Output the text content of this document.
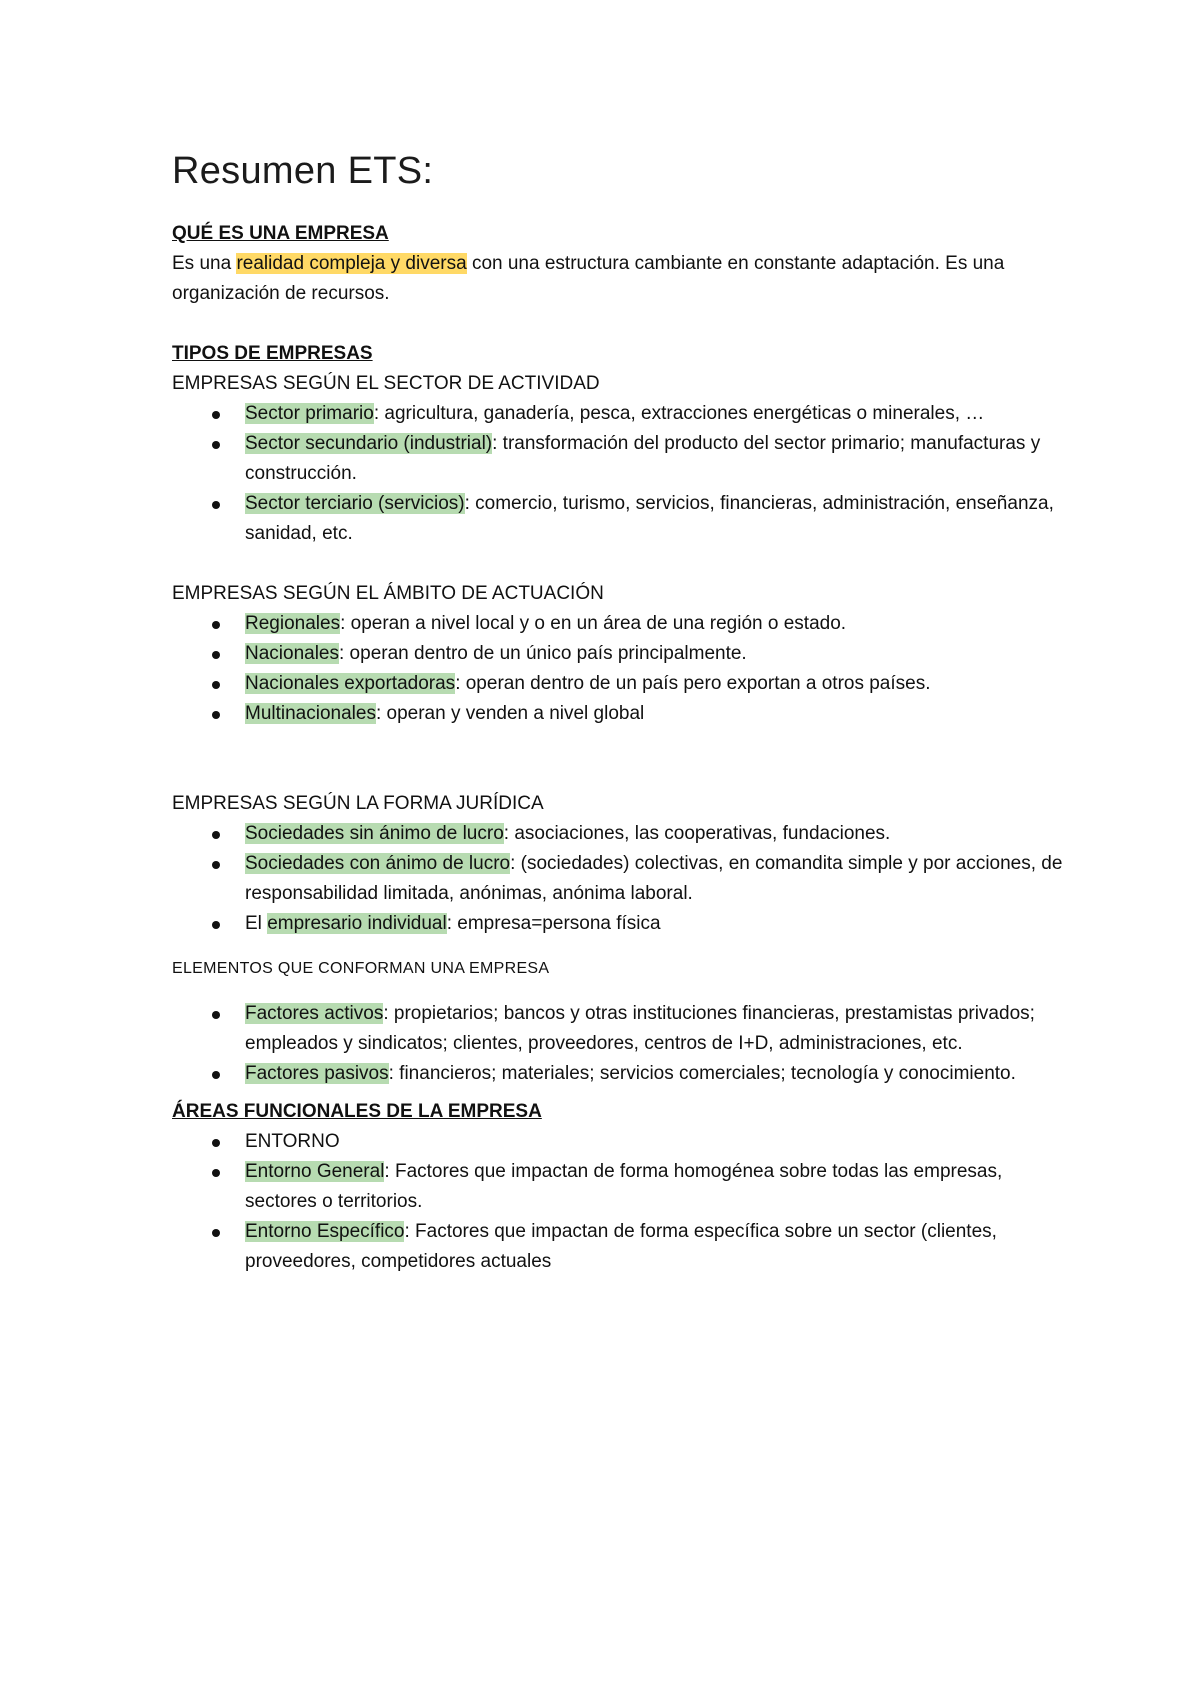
Resumen ETS:
QUÉ ES UNA EMPRESA
Es una realidad compleja y diversa con una estructura cambiante en constante adaptación. Es una organización de recursos.
TIPOS DE EMPRESAS
EMPRESAS SEGÚN EL SECTOR DE ACTIVIDAD
Sector primario: agricultura, ganadería, pesca, extracciones energéticas o minerales, …
Sector secundario (industrial): transformación del producto del sector primario; manufacturas y construcción.
Sector terciario (servicios): comercio, turismo, servicios, financieras, administración, enseñanza, sanidad, etc.
EMPRESAS SEGÚN EL ÁMBITO DE ACTUACIÓN
Regionales: operan a nivel local y o en un área de una región o estado.
Nacionales: operan dentro de un único país principalmente.
Nacionales exportadoras: operan dentro de un país pero exportan a otros países.
Multinacionales: operan y venden a nivel global
EMPRESAS SEGÚN LA FORMA JURÍDICA
Sociedades sin ánimo de lucro: asociaciones, las cooperativas, fundaciones.
Sociedades con ánimo de lucro: (sociedades) colectivas, en comandita simple y por acciones, de responsabilidad limitada, anónimas, anónima laboral.
El empresario individual: empresa=persona física
ELEMENTOS QUE CONFORMAN UNA EMPRESA
Factores activos: propietarios; bancos y otras instituciones financieras, prestamistas privados; empleados y sindicatos; clientes, proveedores, centros de I+D, administraciones, etc.
Factores pasivos: financieros; materiales; servicios comerciales; tecnología y conocimiento.
ÁREAS FUNCIONALES DE LA EMPRESA
ENTORNO
Entorno General: Factores que impactan de forma homogénea sobre todas las empresas, sectores o territorios.
Entorno Específico: Factores que impactan de forma específica sobre un sector (clientes, proveedores, competidores actuales
